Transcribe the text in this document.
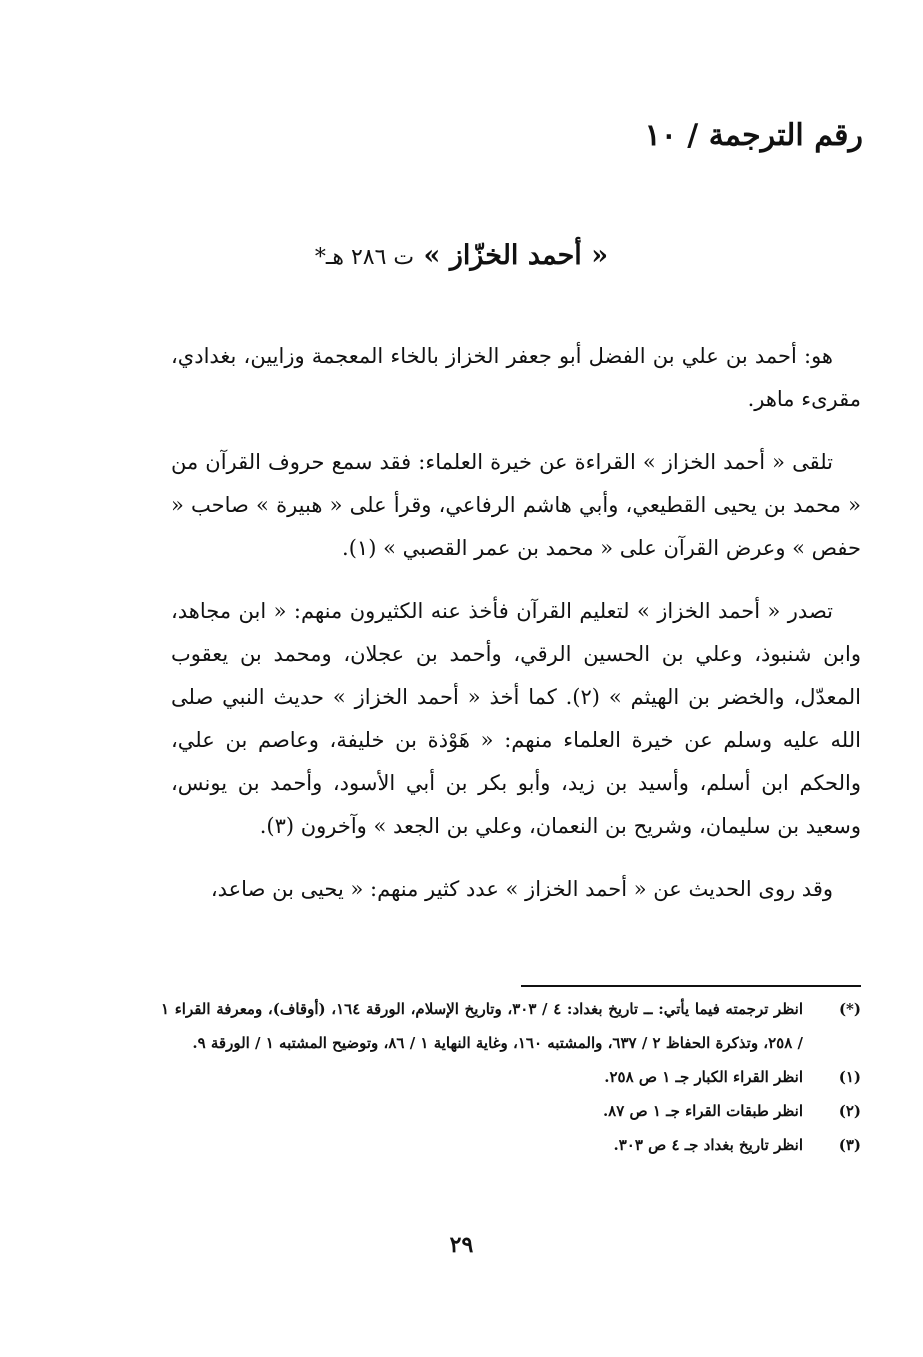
رقم الترجمة / ١٠
« أحمد الخزّاز » ت ٢٨٦ هـ*

هو: أحمد بن علي بن الفضل أبو جعفر الخزاز بالخاء المعجمة وزايين، بغدادي، مقرىء ماهر.

تلقى « أحمد الخزاز » القراءة عن خيرة العلماء: فقد سمع حروف القرآن من « محمد بن يحيى القطيعي، وأبي هاشم الرفاعي، وقرأ على « هبيرة » صاحب « حفص » وعرض القرآن على « محمد بن عمر القصبي » (١).

تصدر « أحمد الخزاز » لتعليم القرآن فأخذ عنه الكثيرون منهم: « ابن مجاهد، وابن شنبوذ، وعلي بن الحسين الرقي، وأحمد بن عجلان، ومحمد بن يعقوب المعدّل، والخضر بن الهيثم » (٢). كما أخذ « أحمد الخزاز » حديث النبي صلى الله عليه وسلم عن خيرة العلماء منهم: « هَوْذة بن خليفة، وعاصم بن علي، والحكم ابن أسلم، وأسيد بن زيد، وأبو بكر بن أبي الأسود، وأحمد بن يونس، وسعيد بن سليمان، وشريح بن النعمان، وعلي بن الجعد » وآخرون (٣).

وقد روى الحديث عن « أحمد الخزاز » عدد كثير منهم: « يحيى بن صاعد،

(*)
انظر ترجمته فيما يأتي: ــ تاريخ بغداد: ٤ / ٣٠٣، وتاريخ الإسلام، الورقة ١٦٤، (أوقاف)، ومعرفة القراء ١ / ٢٥٨، وتذكرة الحفاظ ٢ / ٦٣٧، والمشتبه ١٦٠، وغاية النهاية ١ / ٨٦، وتوضيح المشتبه ١ / الورقة ٩.
(١)
انظر القراء الكبار جـ ١ ص ٢٥٨.
(٢)
انظر طبقات القراء جـ ١ ص ٨٧.
(٣)
انظر تاريخ بغداد جـ ٤ ص ٣٠٣.
٢٩
